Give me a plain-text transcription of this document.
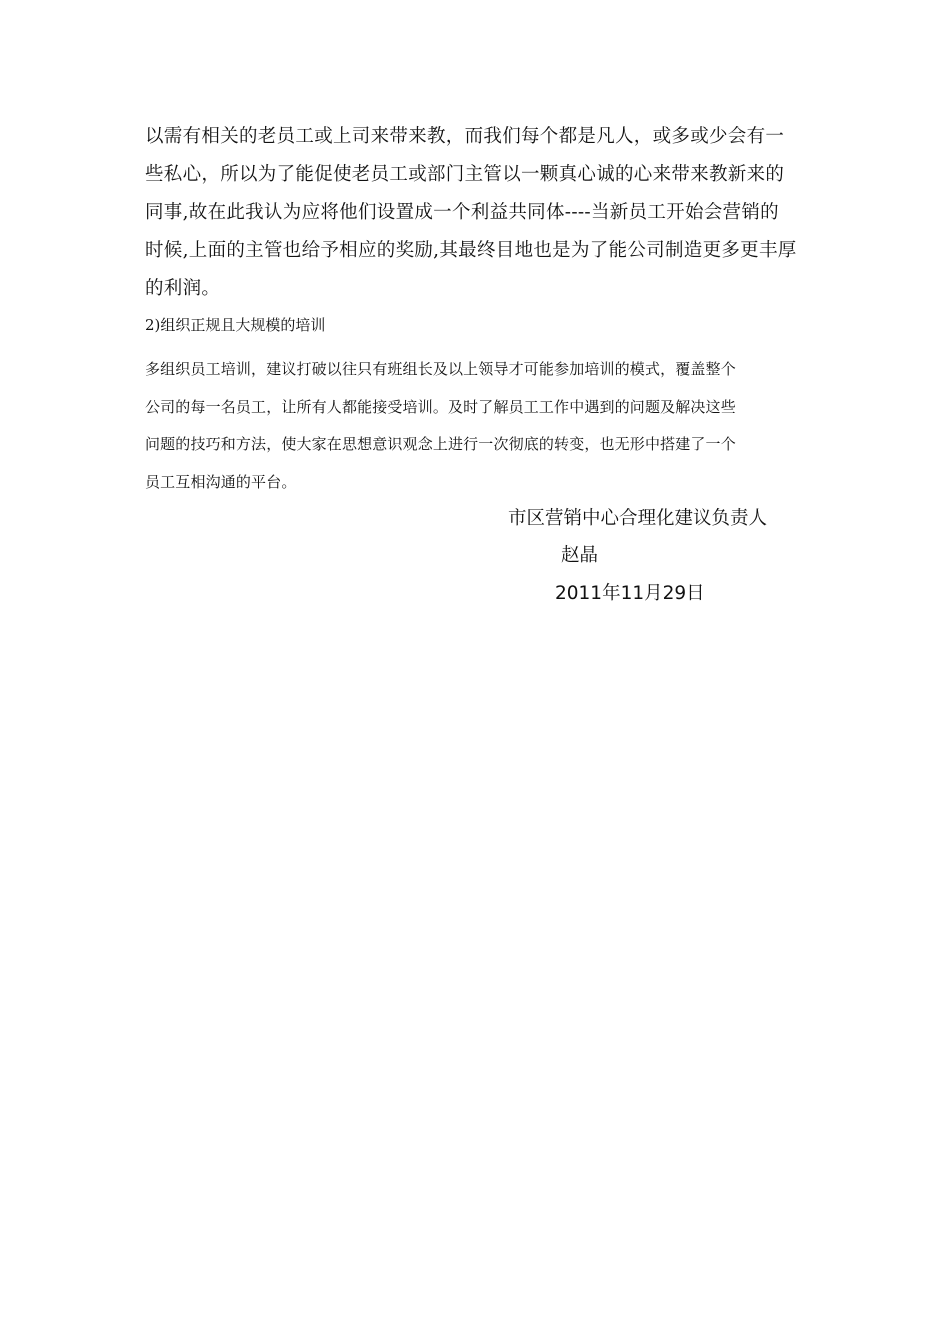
以需有相关的老员工或上司来带来教，而我们每个都是凡人，或多或少会有一
些私心，所以为了能促使老员工或部门主管以一颗真心诚的心来带来教新来的
同事,故在此我认为应将他们设置成一个利益共同体----当新员工开始会营销的
时候,上面的主管也给予相应的奖励,其最终目地也是为了能公司制造更多更丰厚
的利润。
2)组织正规且大规模的培训
多组织员工培训，建议打破以往只有班组长及以上领导才可能参加培训的模式，覆盖整个
公司的每一名员工，让所有人都能接受培训。及时了解员工工作中遇到的问题及解决这些
问题的技巧和方法，使大家在思想意识观念上进行一次彻底的转变，也无形中搭建了一个
员工互相沟通的平台。
市区营销中心合理化建议负责人
赵晶
2011年11月29日
